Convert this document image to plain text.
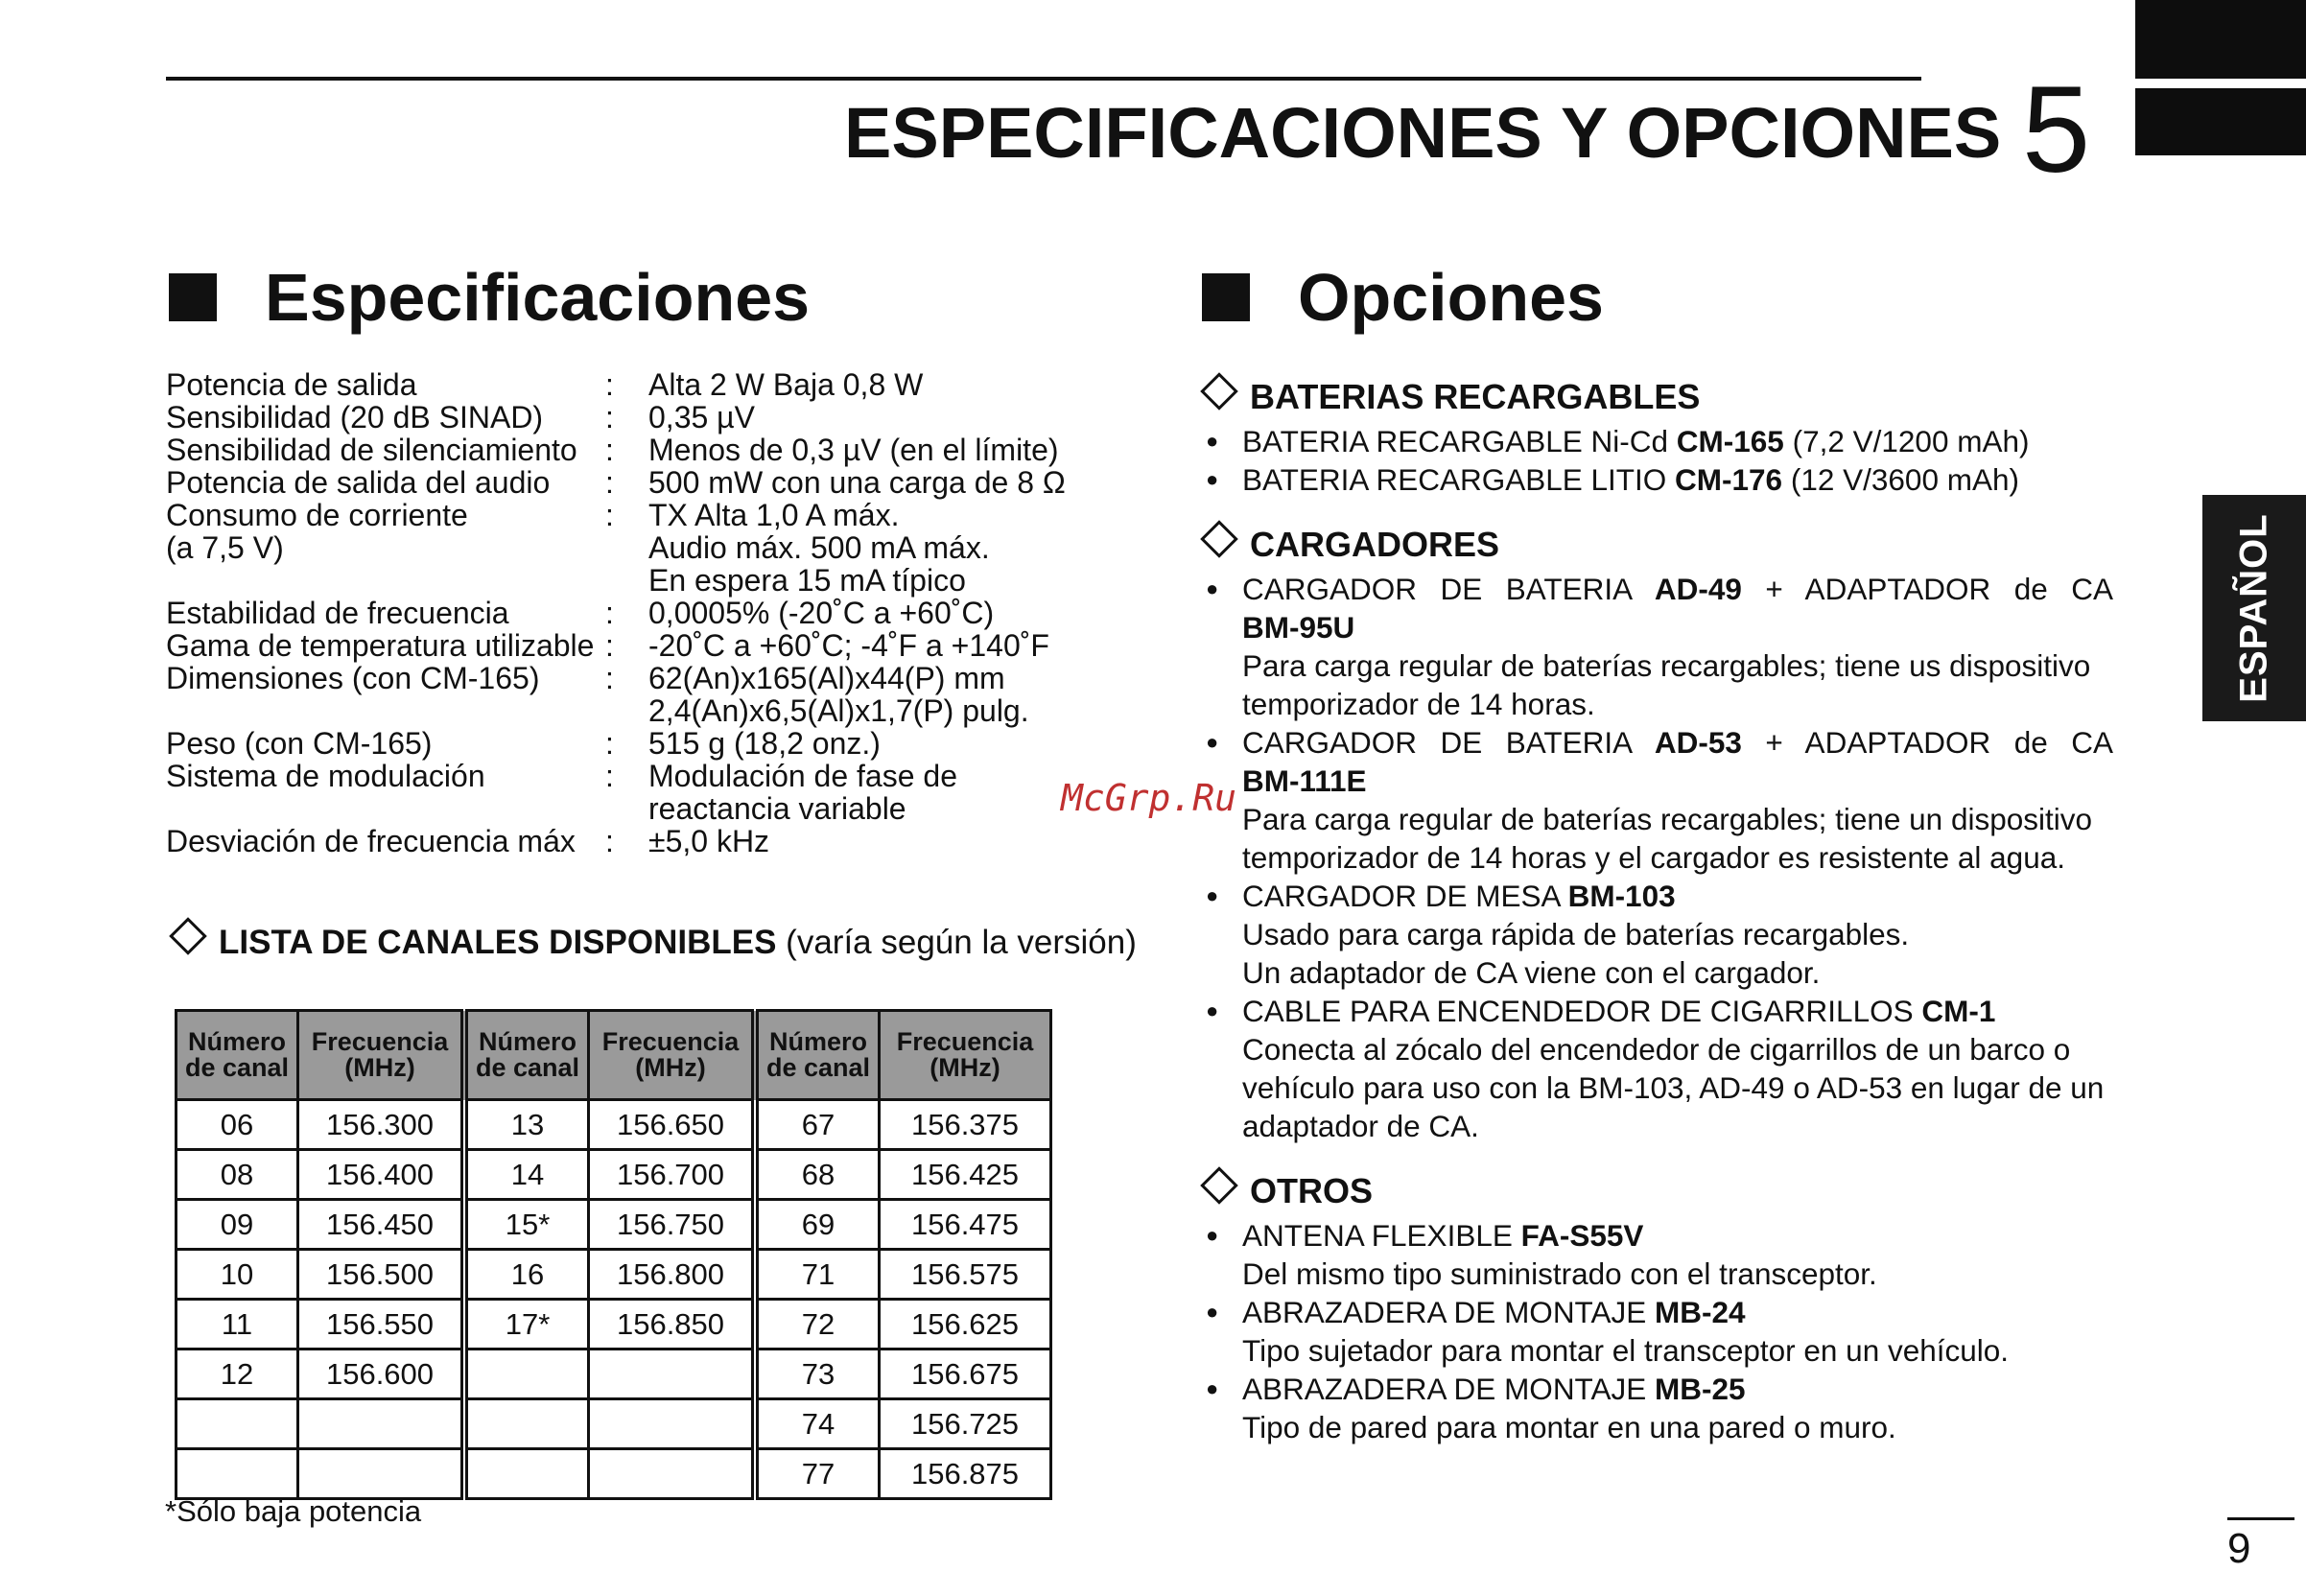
ESPECIFICACIONES Y OPCIONES 5
ESPAÑOL
Especificaciones
Potencia de salida	:	Alta 2 W Baja 0,8 W
Sensibilidad (20 dB SINAD)	:	0,35 µV
Sensibilidad de silenciamiento :	Menos de 0,3 µV (en el límite)
Potencia de salida del audio	:	500 mW con una carga de 8 Ω
Consumo de corriente	:	TX Alta 1,0 A máx.
(a 7,5 V)	Audio máx. 500 mA máx.
En espera 15 mA típico
Estabilidad de frecuencia	:	0,0005% (-20˚C a +60˚C)
Gama de temperatura utilizable :	-20˚C a +60˚C; -4˚F a +140˚F
Dimensiones (con CM-165)	:	62(An)x165(Al)x44(P) mm
2,4(An)x6,5(Al)x1,7(P) pulg.
Peso (con CM-165)	:	515 g (18,2 onz.)
Sistema de modulación	:	Modulación de fase de
reactancia variable
Desviación de frecuencia máx :	±5,0 kHz
LISTA DE CANALES DISPONIBLES (varía según la versión)
Número de canal	Frecuencia (MHz)	Número de canal	Frecuencia (MHz)	Número de canal	Frecuencia (MHz)
06	156.300	13	156.650	67	156.375
08	156.400	14	156.700	68	156.425
09	156.450	15*	156.750	69	156.475
10	156.500	16	156.800	71	156.575
11	156.550	17*	156.850	72	156.625
12	156.600			73	156.675
				74	156.725
				77	156.875
*Sólo baja potencia
Opciones
BATERIAS RECARGABLES
● BATERIA RECARGABLE Ni-Cd CM-165 (7,2 V/1200 mAh)
● BATERIA RECARGABLE LITIO CM-176 (12 V/3600 mAh)
CARGADORES
● CARGADOR DE BATERIA AD-49 + ADAPTADOR de CA
BM-95U
Para carga regular de baterías recargables; tiene us dispositivo temporizador de 14 horas.
● CARGADOR DE BATERIA AD-53 + ADAPTADOR de CA
BM-111E
Para carga regular de baterías recargables; tiene un dispositivo temporizador de 14 horas y el cargador es resistente al agua.
● CARGADOR DE MESA BM-103
Usado para carga rápida de baterías recargables.
Un adaptador de CA viene con el cargador.
● CABLE PARA ENCENDEDOR DE CIGARRILLOS CM-1
Conecta al zócalo del encendedor de cigarrillos de un barco o vehículo para uso con la BM-103, AD-49 o AD-53 en lugar de un adaptador de CA.
OTROS
● ANTENA FLEXIBLE FA-S55V
Del mismo tipo suministrado con el transceptor.
● ABRAZADERA DE MONTAJE MB-24
Tipo sujetador para montar el transceptor en un vehículo.
● ABRAZADERA DE MONTAJE MB-25
Tipo de pared para montar en una pared o muro.
McGrp.Ru
9
